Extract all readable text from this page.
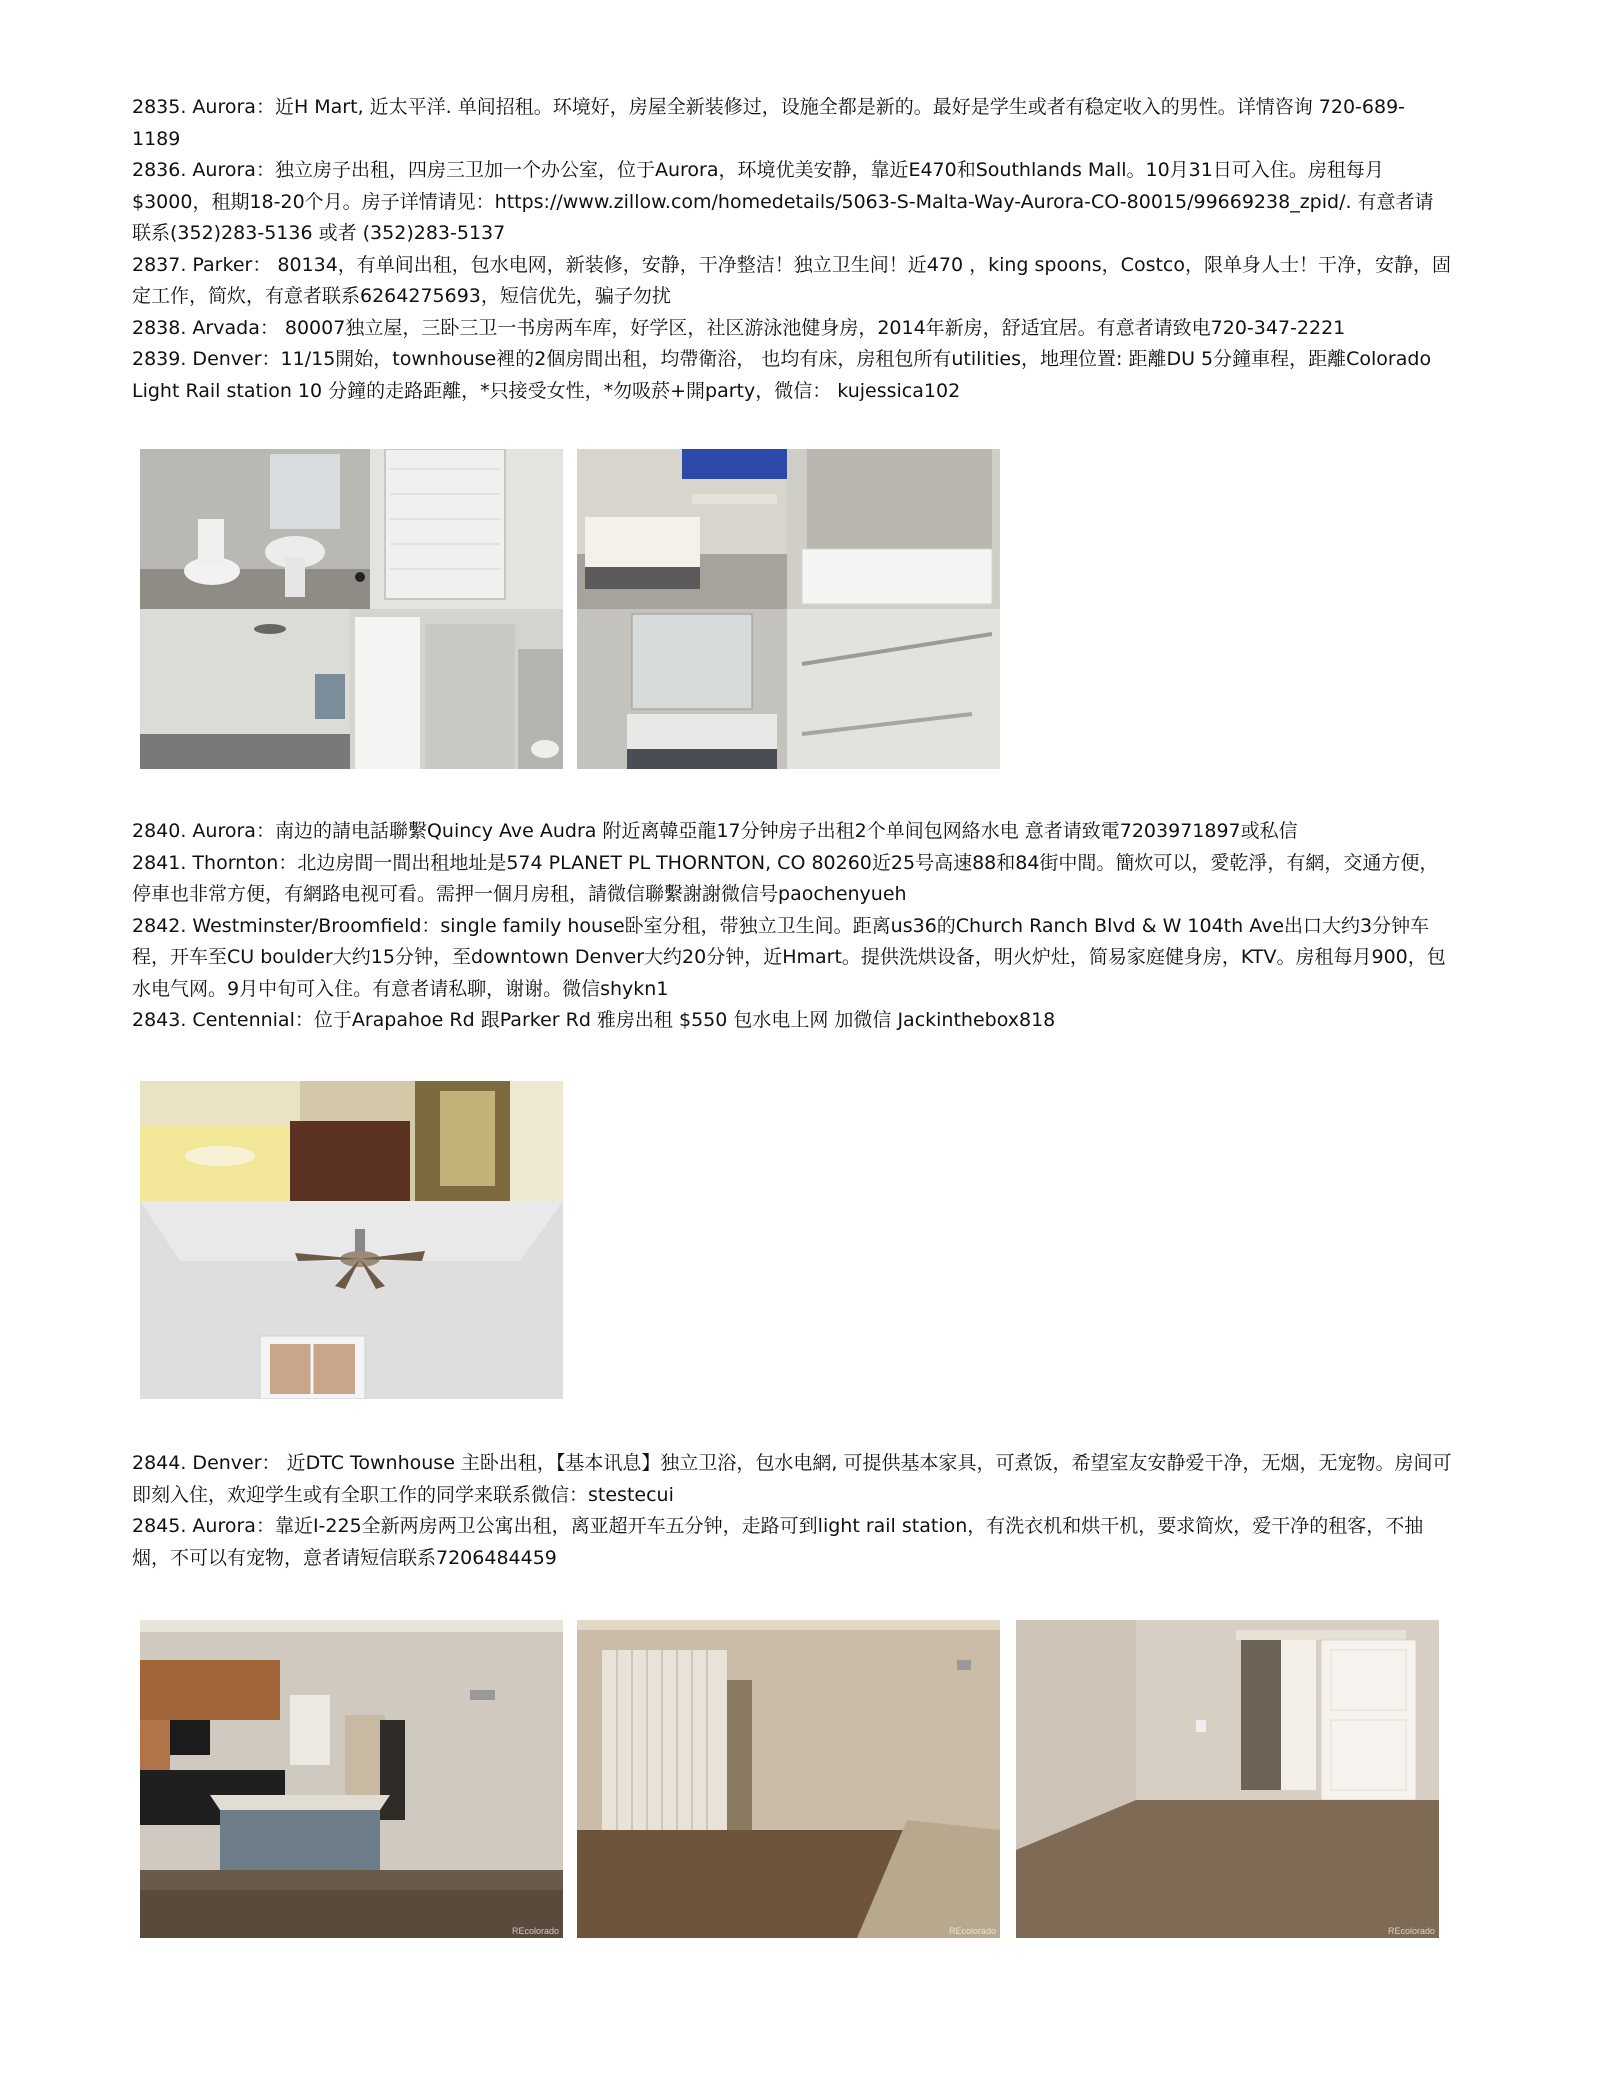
2835. Aurora：近H Mart, 近太平洋. 单间招租。环境好，房屋全新装修过，设施全都是新的。最好是学生或者有稳定收入的男性。详情咨询 720-689-1189

2836. Aurora：独立房子出租，四房三卫加一个办公室，位于Aurora，环境优美安静，靠近E470和Southlands Mall。10月31日可入住。房租每月$3000，租期18-20个月。房子详情请见：https://www.zillow.com/homedetails/5063-S-Malta-Way-Aurora-CO-80015/99669238_zpid/. 有意者请联系(352)283-5136 或者 (352)283-5137

2837. Parker： 80134，有单间出租，包水电网，新装修，安静，干净整洁！独立卫生间！近470 ，king spoons，Costco，限单身人士！干净，安静，固定工作，简炊，有意者联系6264275693，短信优先，骗子勿扰

2838. Arvada： 80007独立屋，三卧三卫一书房两车库，好学区，社区游泳池健身房，2014年新房，舒适宜居。有意者请致电720-347-2221

2839. Denver：11/15開始，townhouse裡的2個房間出租，均帶衛浴， 也均有床，房租包所有utilities，地理位置: 距離DU 5分鐘車程，距離Colorado Light Rail station 10 分鐘的走路距離，*只接受女性，*勿吸菸+開party，微信： kujessica102

2840. Aurora：南边的請电話聯繫Quincy Ave Audra 附近离韓亞龍17分钟房子出租2个单间包网絡水电 意者请致電7203971897或私信

2841. Thornton：北边房間一間出租地址是574 PLANET PL THORNTON, CO 80260近25号高速88和84街中間。簡炊可以，愛乾淨，有網，交通方便，停車也非常方便，有網路电视可看。需押一個月房租，請微信聯繫謝謝微信号paochenyueh

2842. Westminster/Broomfield：single family house卧室分租，带独立卫生间。距离us36的Church Ranch Blvd & W 104th Ave出口大约3分钟车程，开车至CU boulder大约15分钟，至downtown Denver大约20分钟，近Hmart。提供洗烘设备，明火炉灶，简易家庭健身房，KTV。房租每月900，包水电气网。9月中旬可入住。有意者请私聊，谢谢。微信shykn1

2843. Centennial：位于Arapahoe Rd 跟Parker Rd 雅房出租 $550 包水电上网 加微信 Jackinthebox818

2844. Denver： 近DTC Townhouse 主卧出租，【基本讯息】独立卫浴，包水电網, 可提供基本家具，可煮饭，希望室友安静爱干净，无烟，无宠物。房间可即刻入住，欢迎学生或有全职工作的同学来联系微信：stestecui

2845. Aurora：靠近I-225全新两房两卫公寓出租，离亚超开车五分钟，走路可到light rail station，有洗衣机和烘干机，要求简炊，爱干净的租客，不抽烟，不可以有宠物，意者请短信联系7206484459

REcolorado	REcolorado	REcolorado
